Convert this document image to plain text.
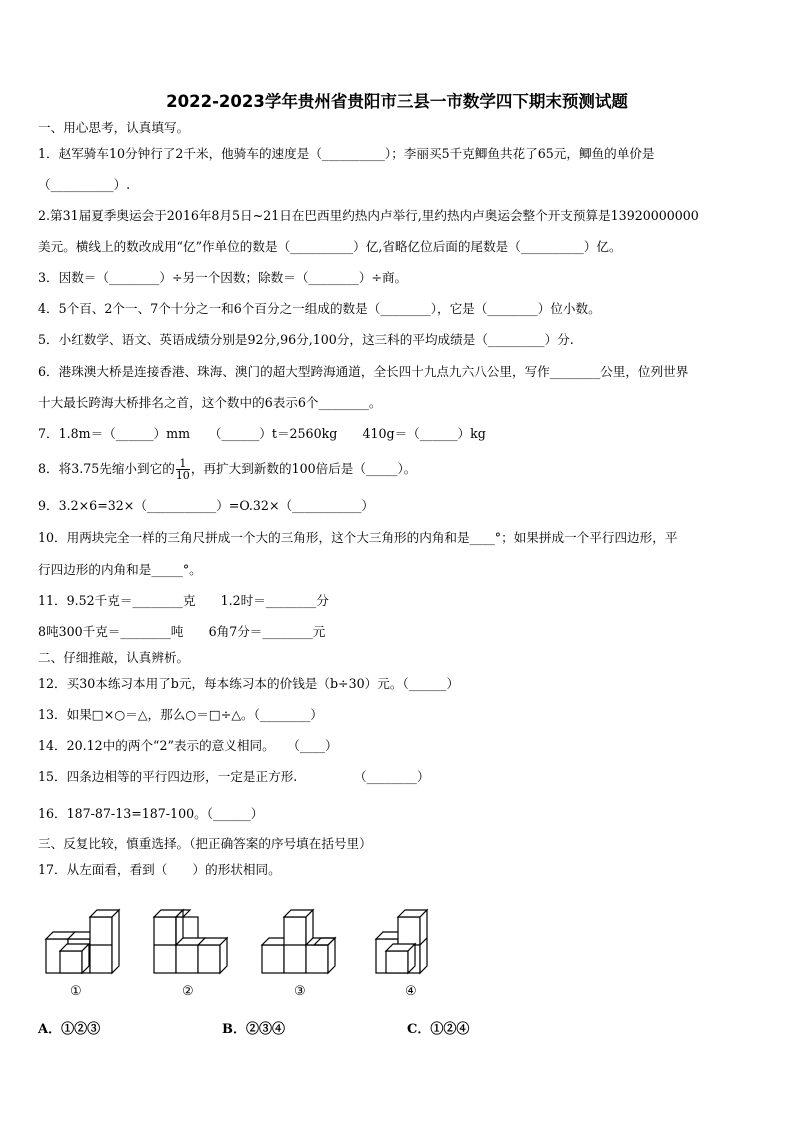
2022-2023学年贵州省贵阳市三县一市数学四下期末预测试题
一、用心思考，认真填写。
1．赵军骑车10分钟行了2千米，他骑车的速度是（__________）；李丽买5千克鲫鱼共花了65元，鲫鱼的单价是
（__________）.
2.第31届夏季奥运会于2016年8月5日~21日在巴西里约热内卢举行,里约热内卢奥运会整个开支预算是13920000000
美元。横线上的数改成用“亿”作单位的数是（__________）亿,省略亿位后面的尾数是（__________）亿。
3．因数＝（________）÷另一个因数；除数＝（________）÷商。
4．5个百、2个一、7个十分之一和6个百分之一组成的数是（________），它是（________）位小数。
5．小红数学、语文、英语成绩分别是92分,96分,100分，这三科的平均成绩是（_________）分.
6．港珠澳大桥是连接香港、珠海、澳门的超大型跨海通道，全长四十九点九六八公里，写作________公里，位列世界
十大最长跨海大桥排名之首，这个数中的6表示6个________。
7．1.8m＝（______）mm　　（______）t＝2560kg　　410g＝（______）kg
8．将3.75先缩小到它的 $\frac{1}{10}$ ，再扩大到新数的100倍后是（_____）。
9．3.2×6=32×（___________）=O.32×（___________）
10．用两块完全一样的三角尺拼成一个大的三角形，这个大三角形的内角和是____°；如果拼成一个平行四边形，平
行四边形的内角和是_____°。
11．9.52千克＝________克　　1.2时＝________分
8吨300千克＝________吨　　6角7分＝________元
二、仔细推敲，认真辨析。
12．买30本练习本用了b元，每本练习本的价钱是（b÷30）元。（______）
13．如果□×○＝△，那么○＝□÷△。（________）
14．20.12中的两个“2”表示的意义相同。　　（____）
15．四条边相等的平行四边形，一定是正方形.　　　　　（________）
16．187-87-13=187-100。（______）
三、反复比较，慎重选择。（把正确答案的序号填在括号里）
17．从左面看，看到（　　）的形状相同。
①	②	③	④
A．①②③	B．②③④	C．①②④
